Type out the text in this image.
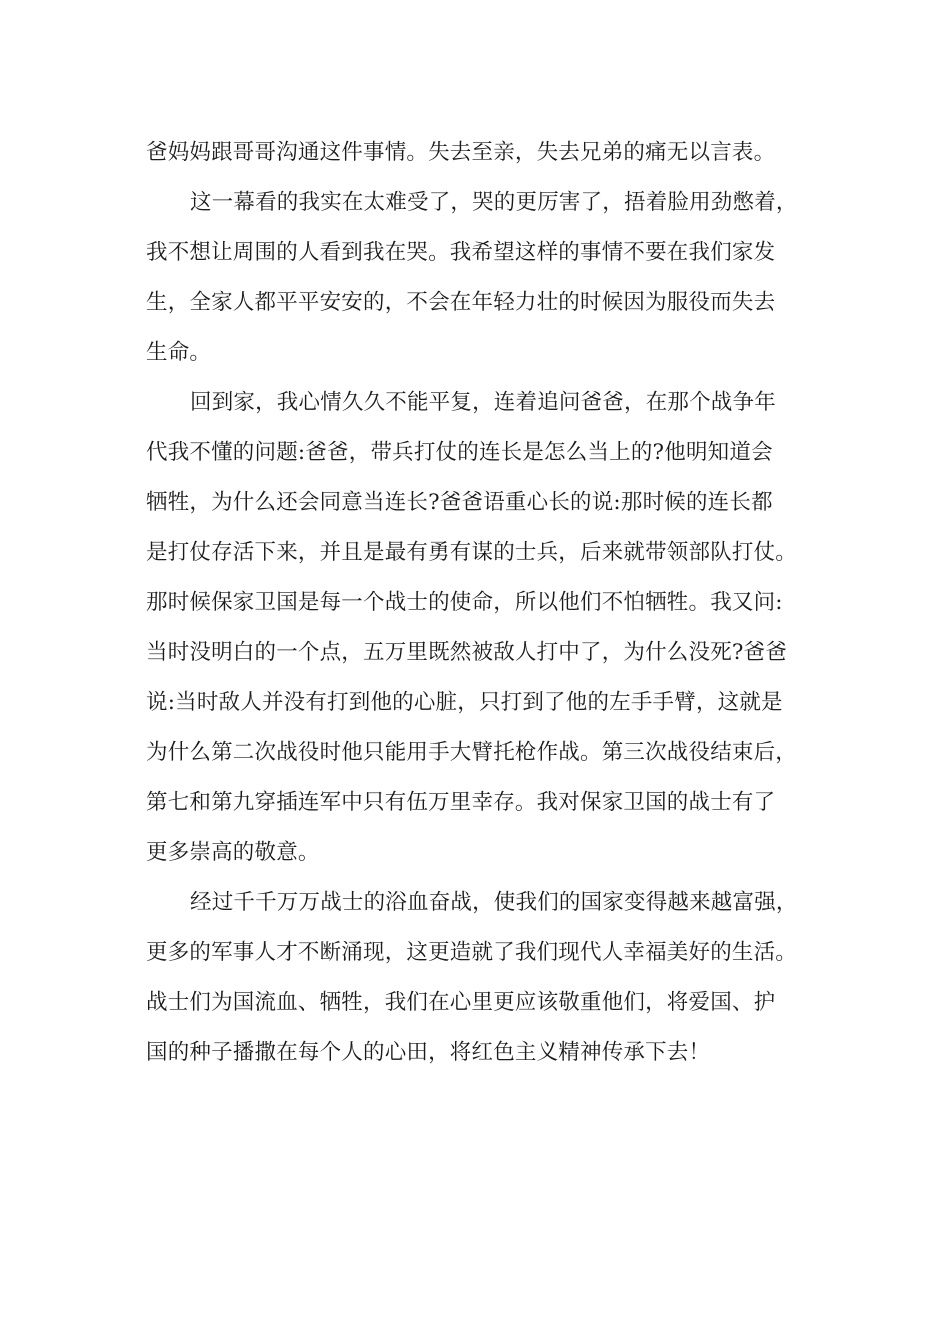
爸妈妈跟哥哥沟通这件事情。失去至亲，失去兄弟的痛无以言表。
这一幕看的我实在太难受了，哭的更厉害了，捂着脸用劲憋着，
我不想让周围的人看到我在哭。我希望这样的事情不要在我们家发
生，全家人都平平安安的，不会在年轻力壮的时候因为服役而失去
生命。
回到家，我心情久久不能平复，连着追问爸爸，在那个战争年
代我不懂的问题:爸爸，带兵打仗的连长是怎么当上的?他明知道会
牺牲，为什么还会同意当连长?爸爸语重心长的说:那时候的连长都
是打仗存活下来，并且是最有勇有谋的士兵，后来就带领部队打仗。
那时候保家卫国是每一个战士的使命，所以他们不怕牺牲。我又问:
当时没明白的一个点，五万里既然被敌人打中了，为什么没死?爸爸
说:当时敌人并没有打到他的心脏，只打到了他的左手手臂，这就是
为什么第二次战役时他只能用手大臂托枪作战。第三次战役结束后，
第七和第九穿插连军中只有伍万里幸存。我对保家卫国的战士有了
更多崇高的敬意。
经过千千万万战士的浴血奋战，使我们的国家变得越来越富强，
更多的军事人才不断涌现，这更造就了我们现代人幸福美好的生活。
战士们为国流血、牺牲，我们在心里更应该敬重他们，将爱国、护
国的种子播撒在每个人的心田，将红色主义精神传承下去！
